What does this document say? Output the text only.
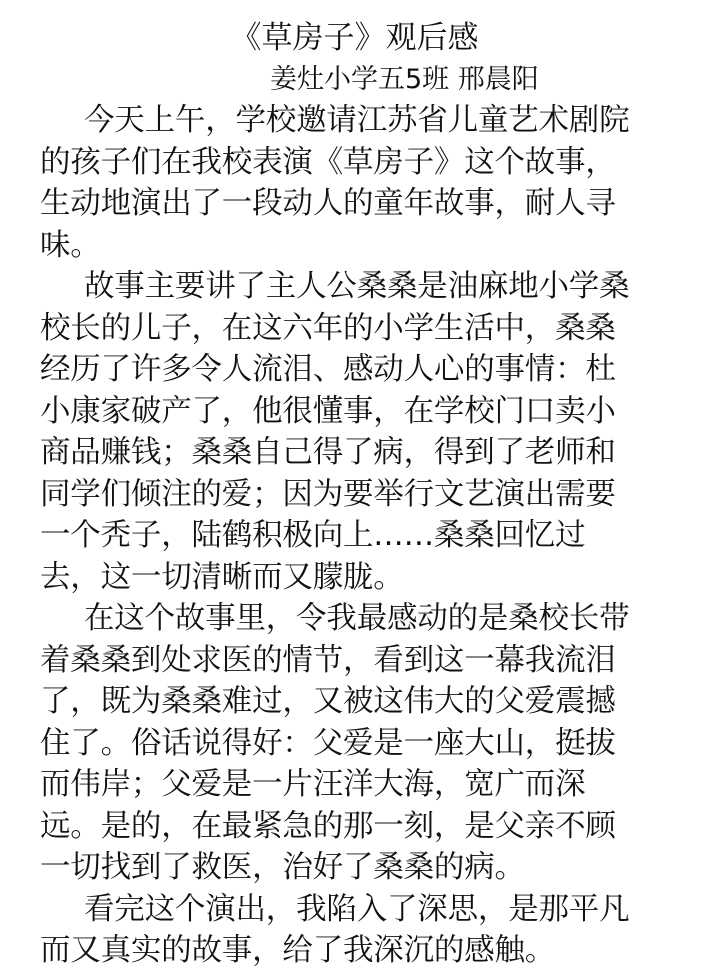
《草房子》观后感
姜灶小学五5班 邢晨阳
今天上午，学校邀请江苏省儿童艺术剧院
的孩子们在我校表演《草房子》这个故事，
生动地演出了一段动人的童年故事，耐人寻
味。
故事主要讲了主人公桑桑是油麻地小学桑
校长的儿子，在这六年的小学生活中，桑桑
经历了许多令人流泪、感动人心的事情：杜
小康家破产了，他很懂事，在学校门口卖小
商品赚钱；桑桑自己得了病，得到了老师和
同学们倾注的爱；因为要举行文艺演出需要
一个秃子，陆鹤积极向上……桑桑回忆过
去，这一切清晰而又朦胧。
在这个故事里，令我最感动的是桑校长带
着桑桑到处求医的情节，看到这一幕我流泪
了，既为桑桑难过，又被这伟大的父爱震撼
住了。俗话说得好：父爱是一座大山，挺拔
而伟岸；父爱是一片汪洋大海，宽广而深
远。是的，在最紧急的那一刻，是父亲不顾
一切找到了救医，治好了桑桑的病。
看完这个演出，我陷入了深思，是那平凡
而又真实的故事，给了我深沉的感触。
